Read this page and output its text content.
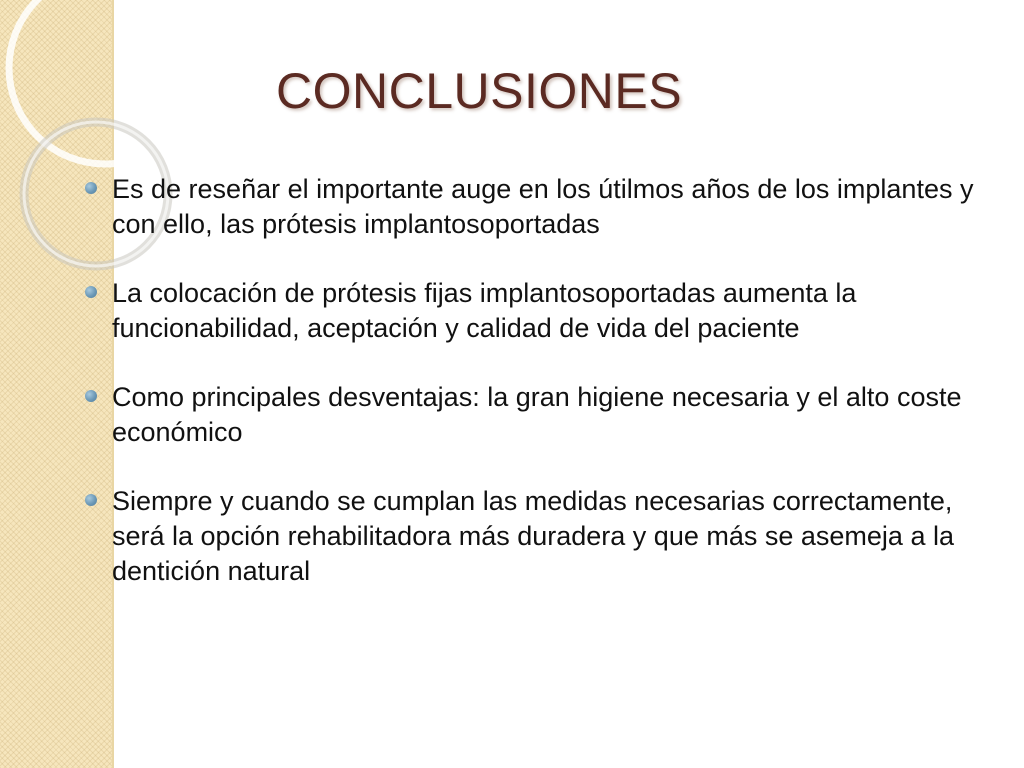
CONCLUSIONES
Es de reseñar el importante auge en los útilmos años de los implantes y con ello, las prótesis implantosoportadas
La colocación de prótesis fijas implantosoportadas aumenta la funcionabilidad, aceptación y calidad de vida del paciente
Como principales desventajas: la gran higiene necesaria y el alto coste económico
Siempre y cuando se cumplan las medidas necesarias correctamente, será la opción rehabilitadora más duradera y que más se asemeja a la dentición natural
